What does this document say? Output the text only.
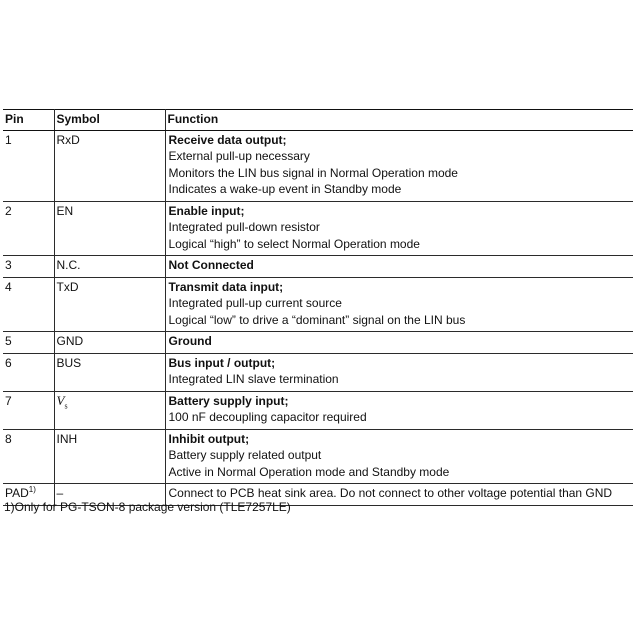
Pin	Symbol	Function
1	RxD	Receive data output;
External pull-up necessary
Monitors the LIN bus signal in Normal Operation mode
Indicates a wake-up event in Standby mode

2	EN	Enable input;
Integrated pull-down resistor
Logical “high” to select Normal Operation mode

3	N.C.	Not Connected

4	TxD	Transmit data input;
Integrated pull-up current source
Logical “low” to drive a “dominant” signal on the LIN bus

5	GND	Ground

6	BUS	Bus input / output;
Integrated LIN slave termination

7	$V_s$	Battery supply input;
100 nF decoupling capacitor required

8	INH	Inhibit output;
Battery supply related output
Active in Normal Operation mode and Standby mode

PAD$^{1)}$	–	Connect to PCB heat sink area. Do not connect to other voltage potential than GND
1)Only for PG-TSON-8 package version (TLE7257LE)
